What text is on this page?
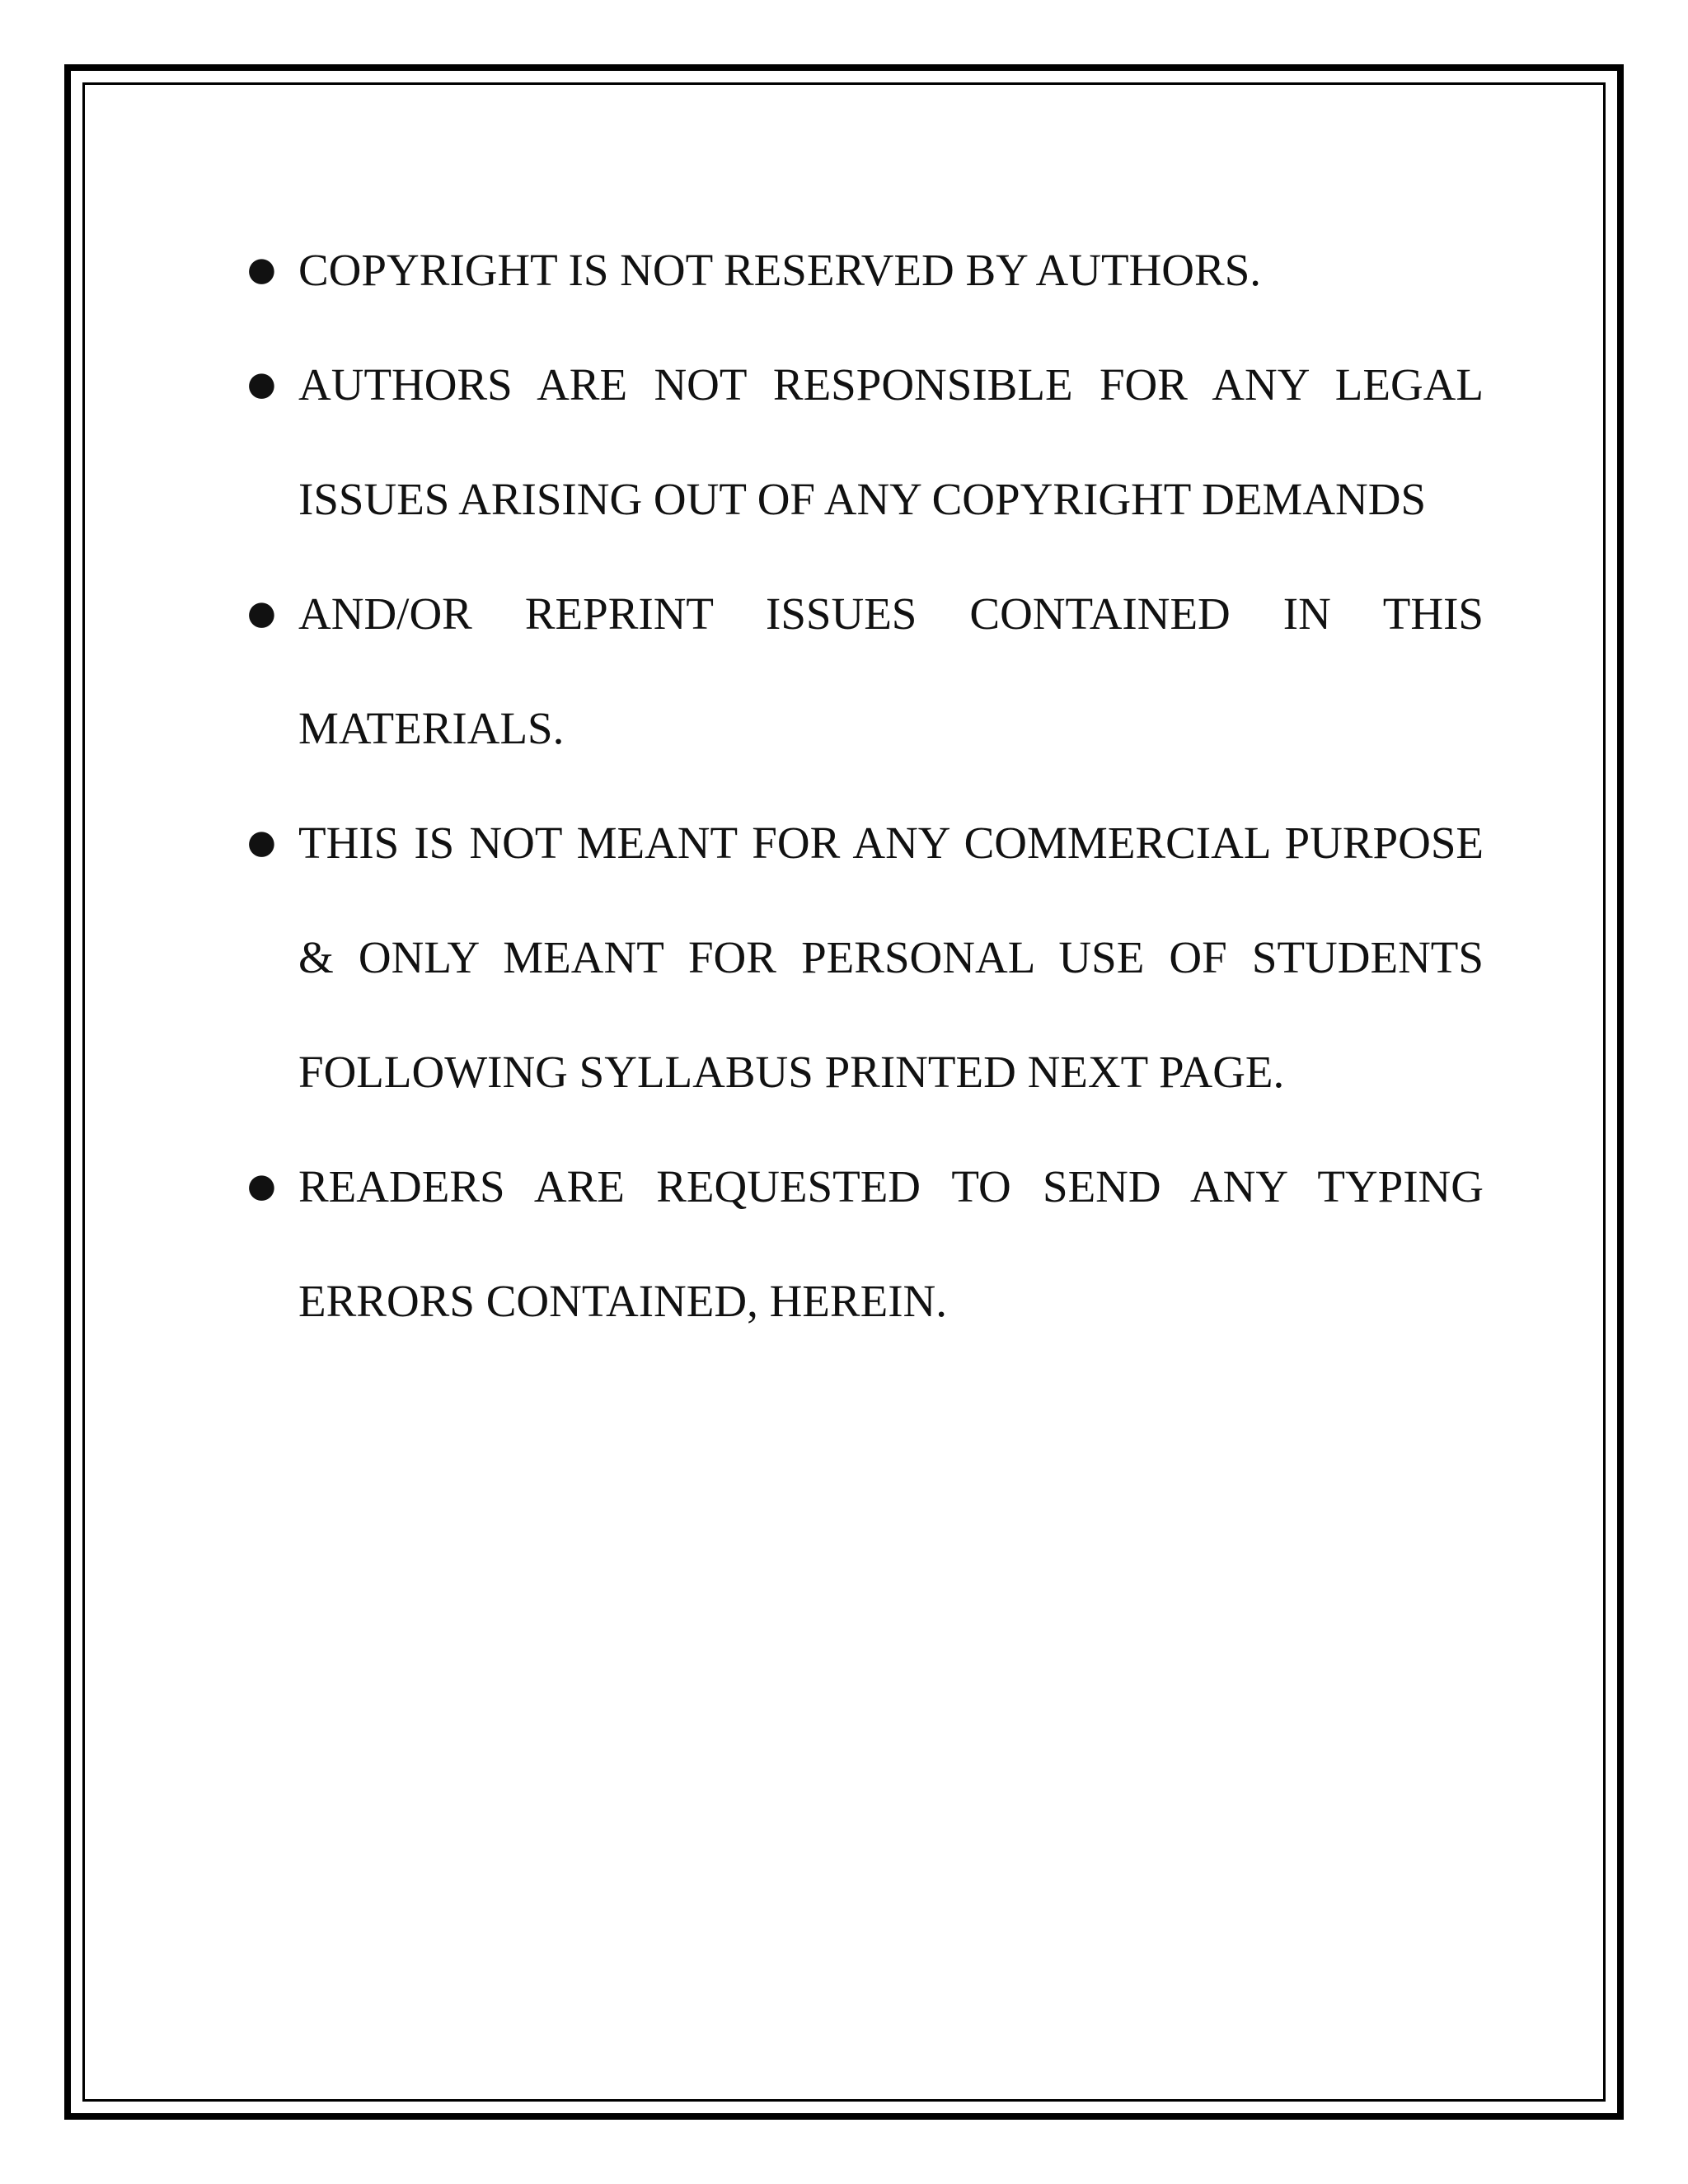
● COPYRIGHT IS NOT RESERVED BY AUTHORS.
● AUTHORS ARE NOT RESPONSIBLE FOR ANY LEGAL ISSUES ARISING OUT OF ANY COPYRIGHT DEMANDS
● AND/OR REPRINT ISSUES CONTAINED IN THIS MATERIALS.
● THIS IS NOT MEANT FOR ANY COMMERCIAL PURPOSE & ONLY MEANT FOR PERSONAL USE OF STUDENTS FOLLOWING SYLLABUS PRINTED NEXT PAGE.
● READERS ARE REQUESTED TO SEND ANY TYPING ERRORS CONTAINED, HEREIN.
